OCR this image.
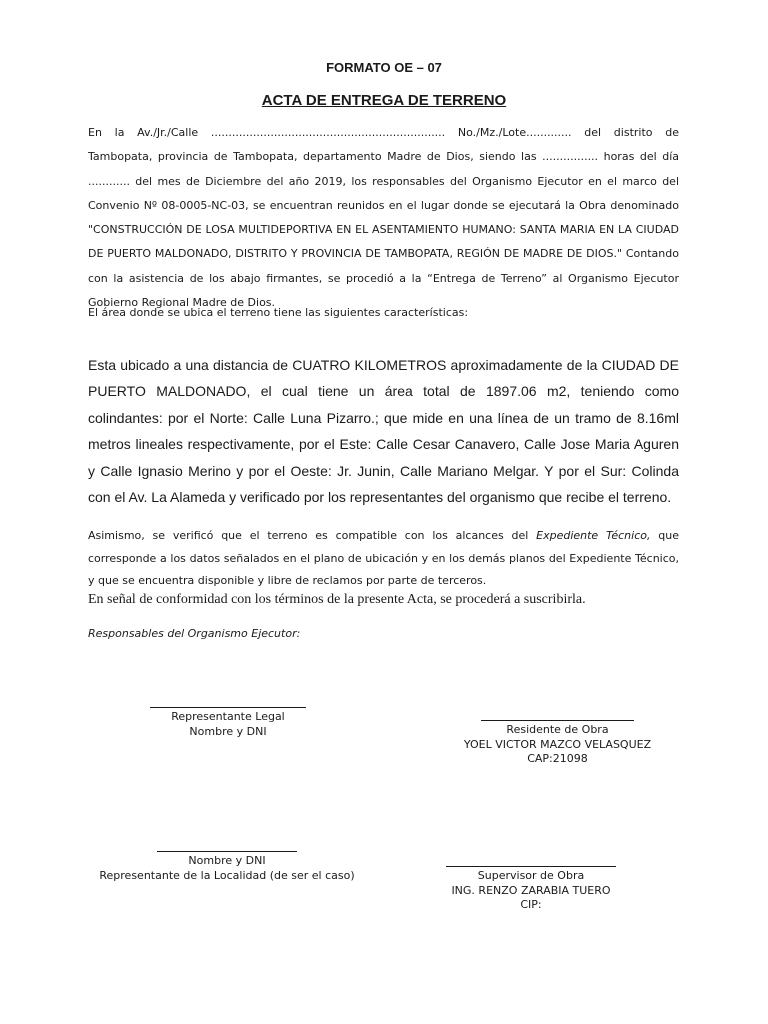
FORMATO OE – 07
ACTA DE ENTREGA DE TERRENO
En la Av./Jr./Calle ................................................................... No./Mz./Lote............. del distrito de Tambopata, provincia de Tambopata, departamento Madre de Dios, siendo las ................ horas del día ............ del mes de Diciembre del año 2019, los responsables del Organismo Ejecutor en el marco del Convenio Nº 08-0005-NC-03, se encuentran reunidos en el lugar donde se ejecutará la Obra denominado "CONSTRUCCIÓN DE LOSA MULTIDEPORTIVA EN EL ASENTAMIENTO HUMANO: SANTA MARIA EN LA CIUDAD DE PUERTO MALDONADO, DISTRITO Y PROVINCIA DE TAMBOPATA, REGIÓN DE MADRE DE DIOS." Contando con la asistencia de los abajo firmantes, se procedió a la “Entrega de Terreno” al Organismo Ejecutor Gobierno Regional Madre de Dios.
El área donde se ubica el terreno tiene las siguientes características:
Esta ubicado a una distancia de CUATRO KILOMETROS aproximadamente de la CIUDAD DE PUERTO MALDONADO, el cual tiene un área total de 1897.06 m2, teniendo como colindantes: por el Norte: Calle Luna Pizarro.; que mide en una línea de un tramo de 8.16ml metros lineales respectivamente, por el Este: Calle Cesar Canavero, Calle Jose Maria Aguren y Calle Ignasio Merino y por el Oeste: Jr. Junin, Calle Mariano Melgar. Y por el Sur: Colinda con el Av. La Alameda y verificado por los representantes del organismo que recibe el terreno.
Asimismo, se verificó que el terreno es compatible con los alcances del Expediente Técnico, que corresponde a los datos señalados en el plano de ubicación y en los demás planos del Expediente Técnico, y que se encuentra disponible y libre de reclamos por parte de terceros.
En señal de conformidad con los términos de la presente Acta, se procederá a suscribirla.
Responsables del Organismo Ejecutor:
Representante Legal
Nombre y DNI	Residente de Obra
YOEL VICTOR MAZCO VELASQUEZ
CAP:21098
Nombre y DNI
Representante de la Localidad (de ser el caso)	Supervisor de Obra
ING. RENZO ZARABIA TUERO
CIP:
